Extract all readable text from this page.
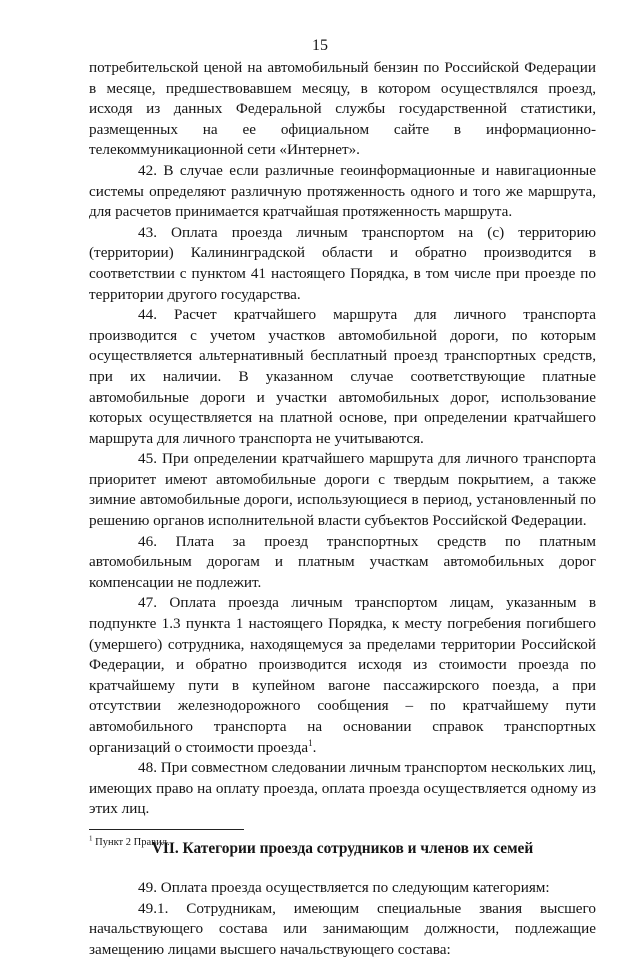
15

потребительской ценой на автомобильный бензин по Российской Федерации в месяце, предшествовавшем месяцу, в котором осуществлялся проезд, исходя из данных Федеральной службы государственной статистики, размещенных на ее официальном сайте в информационно-телекоммуникационной сети «Интернет».

42. В случае если различные геоинформационные и навигационные системы определяют различную протяженность одного и того же маршрута, для расчетов принимается кратчайшая протяженность маршрута.

43. Оплата проезда личным транспортом на (с) территорию (территории) Калининградской области и обратно производится в соответствии с пунктом 41 настоящего Порядка, в том числе при проезде по территории другого государства.

44. Расчет кратчайшего маршрута для личного транспорта производится с учетом участков автомобильной дороги, по которым осуществляется альтернативный бесплатный проезд транспортных средств, при их наличии. В указанном случае соответствующие платные автомобильные дороги и участки автомобильных дорог, использование которых осуществляется на платной основе, при определении кратчайшего маршрута для личного транспорта не учитываются.

45. При определении кратчайшего маршрута для личного транспорта приоритет имеют автомобильные дороги с твердым покрытием, а также зимние автомобильные дороги, использующиеся в период, установленный по решению органов исполнительной власти субъектов Российской Федерации.

46. Плата за проезд транспортных средств по платным автомобильным дорогам и платным участкам автомобильных дорог компенсации не подлежит.

47. Оплата проезда личным транспортом лицам, указанным в подпункте 1.3 пункта 1 настоящего Порядка, к месту погребения погибшего (умершего) сотрудника, находящемуся за пределами территории Российской Федерации, и обратно производится исходя из стоимости проезда по кратчайшему пути в купейном вагоне пассажирского поезда, а при отсутствии железнодорожного сообщения – по кратчайшему пути автомобильного транспорта на основании справок транспортных организаций о стоимости проезда$^1$.

48. При совместном следовании личным транспортом нескольких лиц, имеющих право на оплату проезда, оплата проезда осуществляется одному из этих лиц.

VII. Категории проезда сотрудников и членов их семей

49. Оплата проезда осуществляется по следующим категориям:

49.1. Сотрудникам, имеющим специальные звания высшего начальствующего состава или занимающим должности, подлежащие замещению лицами высшего начальствующего состава:

$^1$ Пункт 2 Правил.
